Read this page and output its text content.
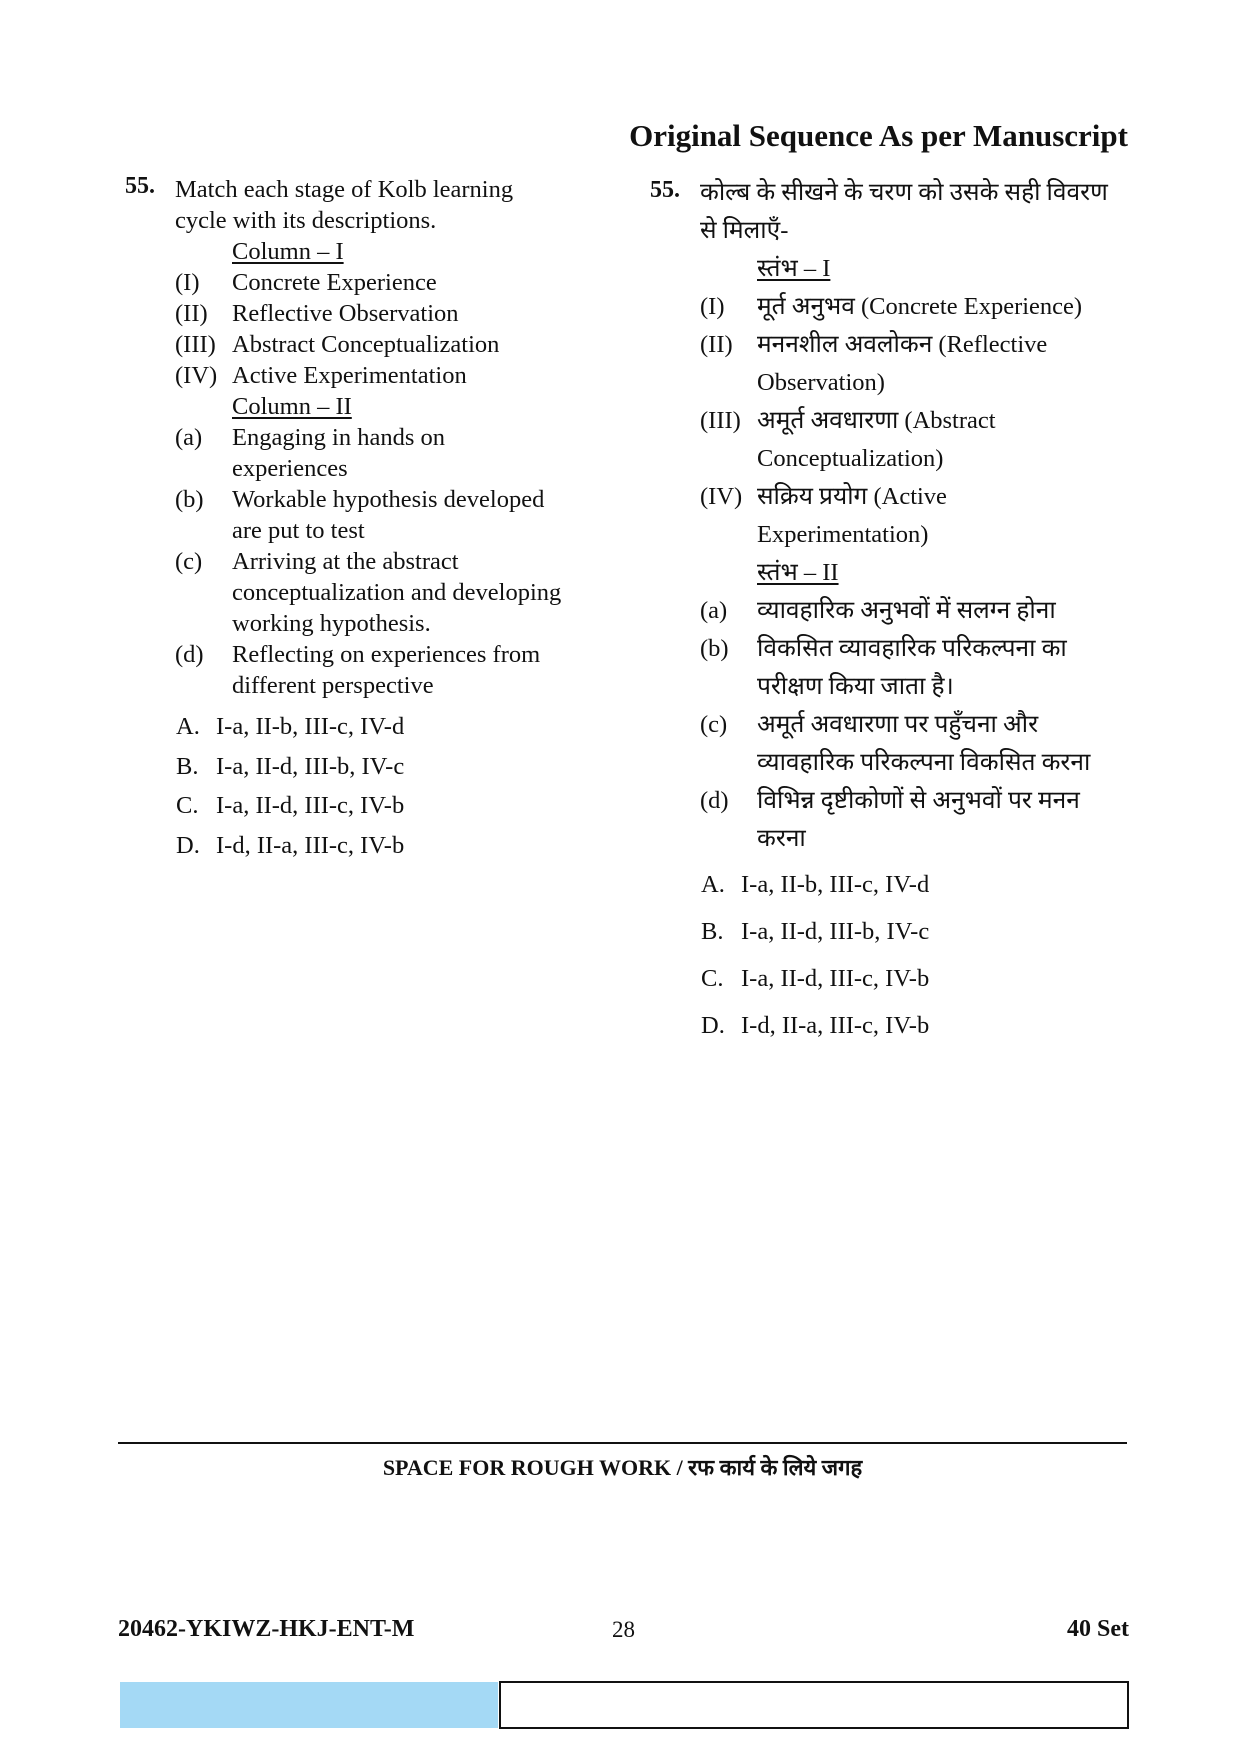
Original Sequence As per Manuscript
55. Match each stage of Kolb learning
cycle with its descriptions.
Column – I
(I) Concrete Experience
(II) Reflective Observation
(III) Abstract Conceptualization
(IV) Active Experimentation
Column – II
(a) Engaging in hands on
experiences
(b) Workable hypothesis developed
are put to test
(c) Arriving at the abstract
conceptualization and developing
working hypothesis.
(d) Reflecting on experiences from
different perspective
A. I-a, II-b, III-c, IV-d
B. I-a, II-d, III-b, IV-c
C. I-a, II-d, III-c, IV-b
D. I-d, II-a, III-c, IV-b
55. कोल्ब के सीखने के चरण को उसके सही विवरण
से मिलाएँ-
स्तंभ – I
(I) मूर्त अनुभव (Concrete Experience)
(II) मननशील अवलोकन (Reflective
Observation)
(III) अमूर्त अवधारणा (Abstract
Conceptualization)
(IV) सक्रिय प्रयोग (Active
Experimentation)
स्तंभ – II
(a) व्यावहारिक अनुभवों में सलग्न होना
(b) विकसित व्यावहारिक परिकल्पना का
परीक्षण किया जाता है।
(c) अमूर्त अवधारणा पर पहुँचना और
व्यावहारिक परिकल्पना विकसित करना
(d) विभिन्न दृष्टीकोणों से अनुभवों पर मनन
करना
A. I-a, II-b, III-c, IV-d
B. I-a, II-d, III-b, IV-c
C. I-a, II-d, III-c, IV-b
D. I-d, II-a, III-c, IV-b
SPACE FOR ROUGH WORK / रफ कार्य के लिये जगह
20462-YKIWZ-HKJ-ENT-M	28	40 Set
